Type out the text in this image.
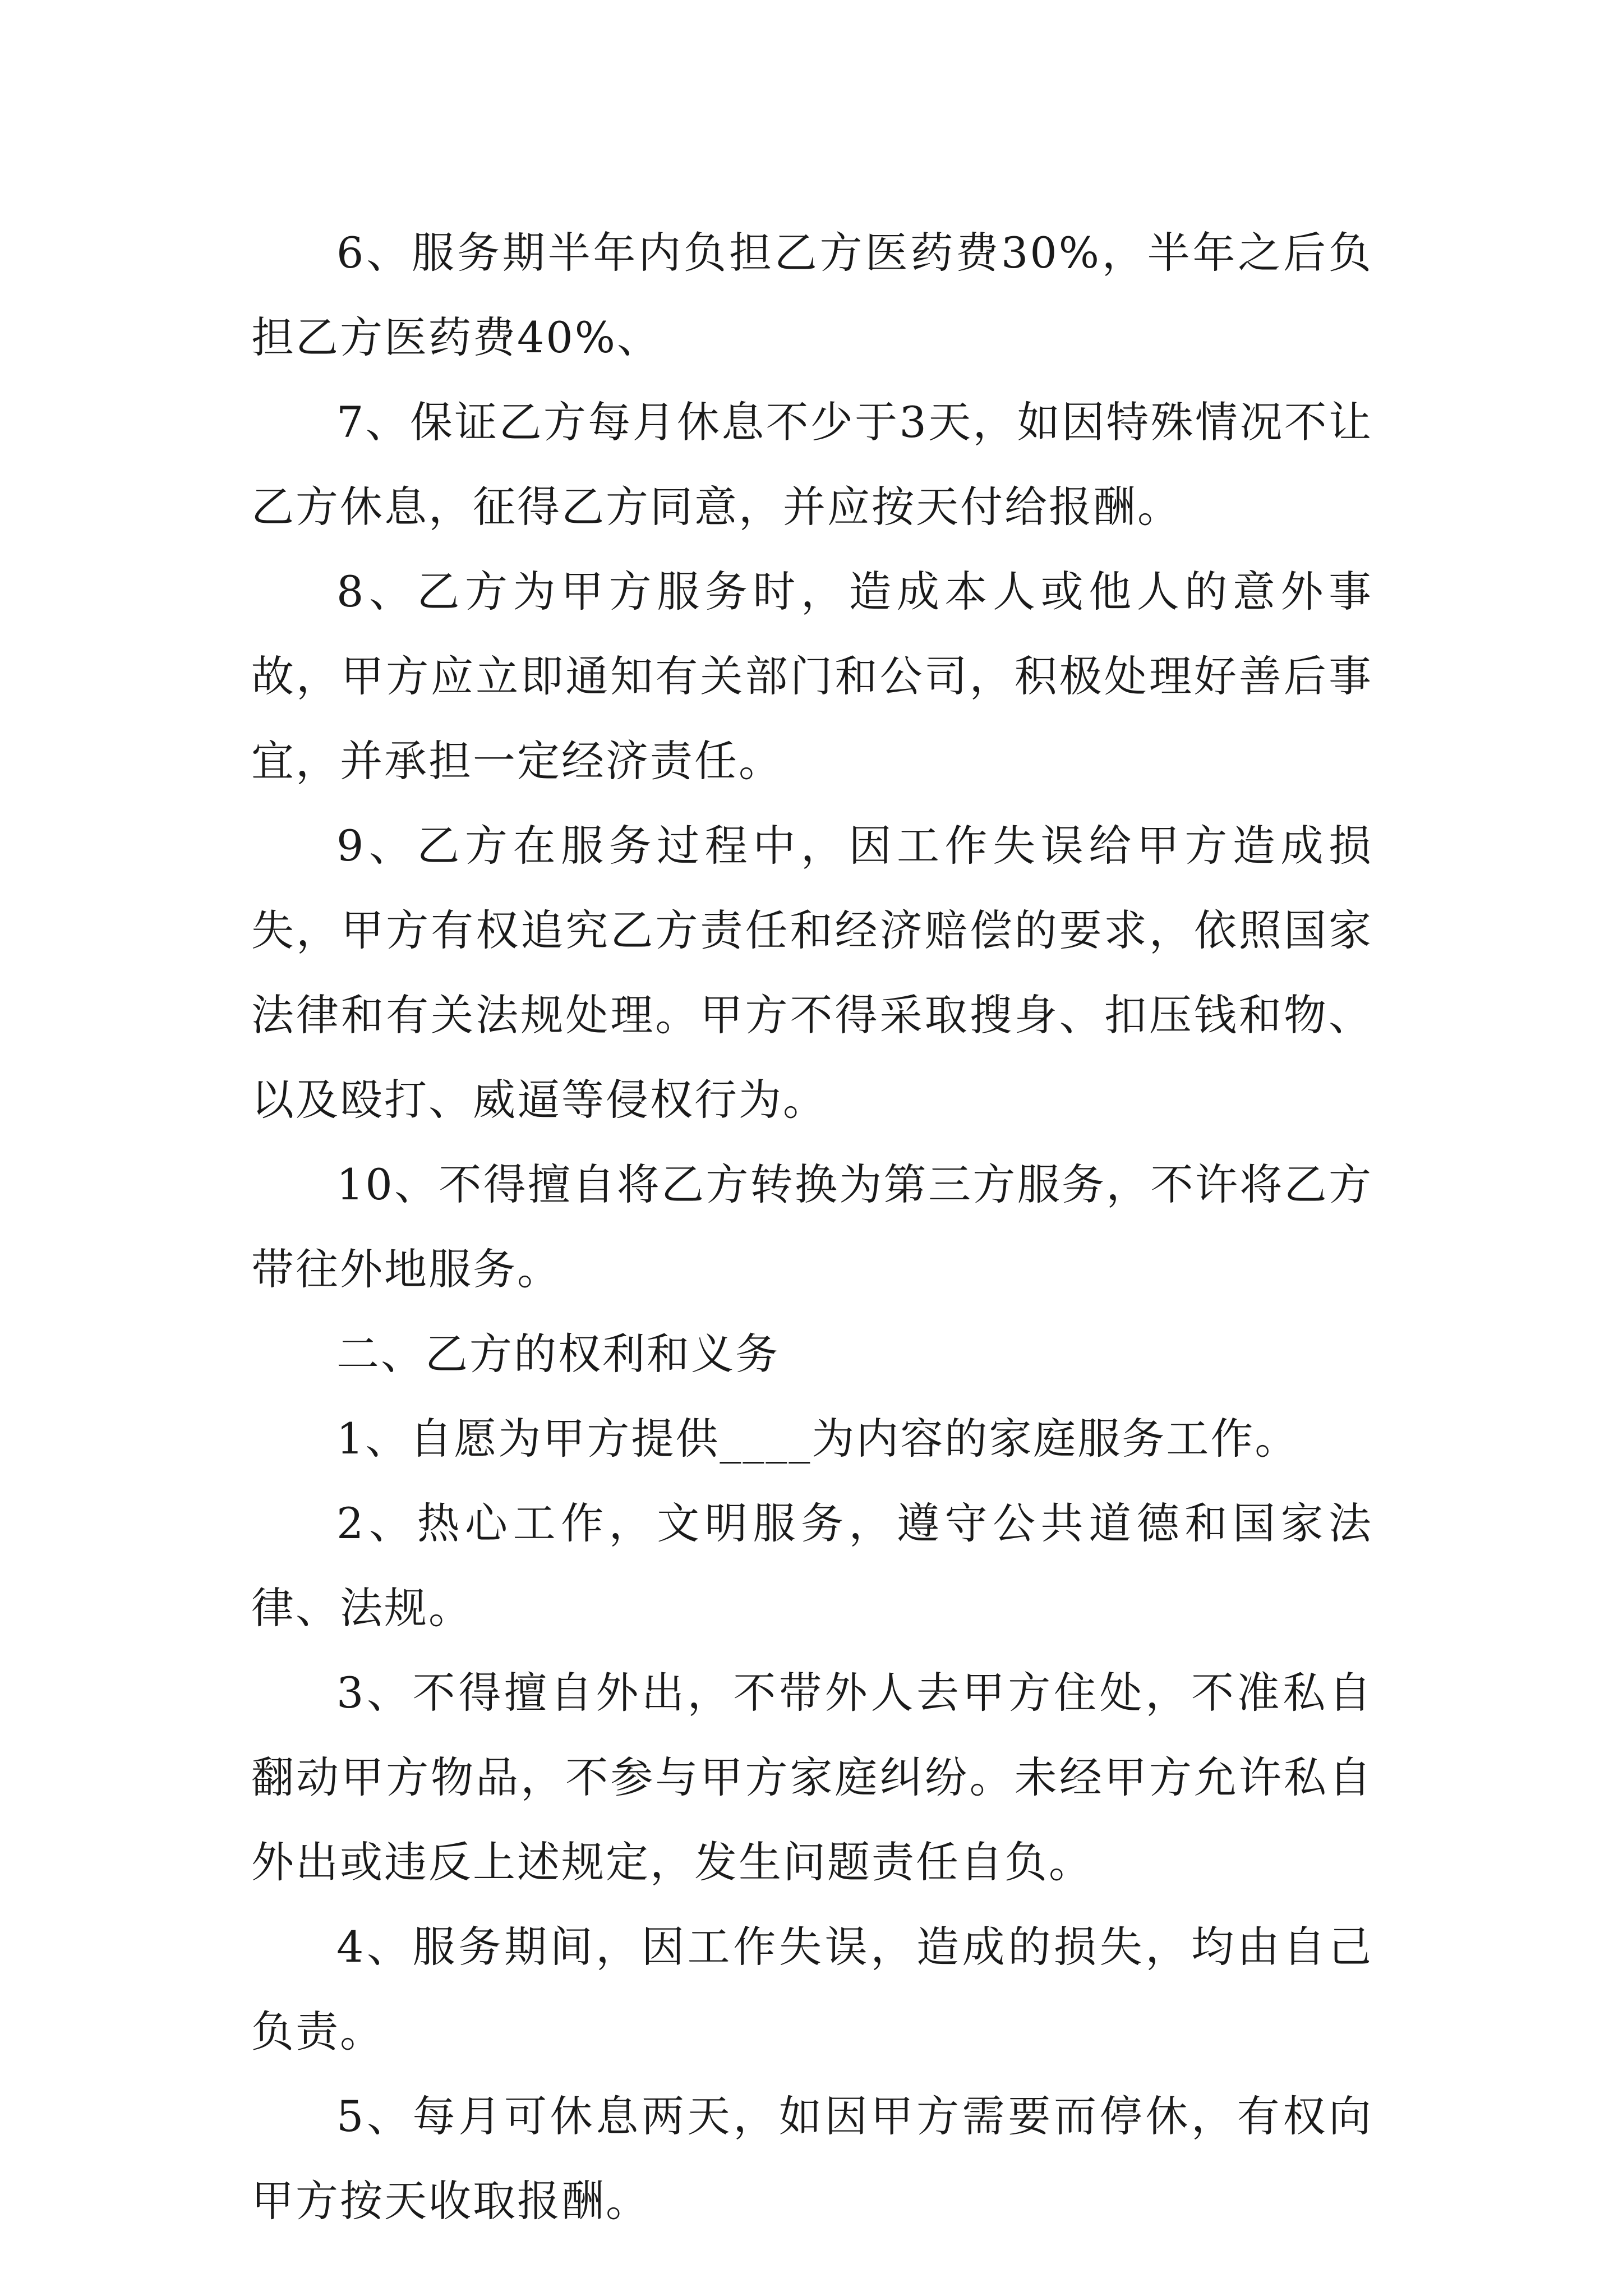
6、服务期半年内负担乙方医药费30%，半年之后负担乙方医药费40%、

7、保证乙方每月休息不少于3天，如因特殊情况不让乙方休息，征得乙方同意，并应按天付给报酬。

8、乙方为甲方服务时，造成本人或他人的意外事故，甲方应立即通知有关部门和公司，积极处理好善后事宜，并承担一定经济责任。

9、乙方在服务过程中，因工作失误给甲方造成损失，甲方有权追究乙方责任和经济赔偿的要求，依照国家法律和有关法规处理。甲方不得采取搜身、扣压钱和物、以及殴打、威逼等侵权行为。

10、不得擅自将乙方转换为第三方服务，不许将乙方带往外地服务。

二、乙方的权利和义务

1、自愿为甲方提供____为内容的家庭服务工作。

2、热心工作，文明服务，遵守公共道德和国家法律、法规。

3、不得擅自外出，不带外人去甲方住处，不准私自翻动甲方物品，不参与甲方家庭纠纷。未经甲方允许私自外出或违反上述规定，发生问题责任自负。

4、服务期间，因工作失误，造成的损失，均由自己负责。

5、每月可休息两天，如因甲方需要而停休，有权向甲方按天收取报酬。
